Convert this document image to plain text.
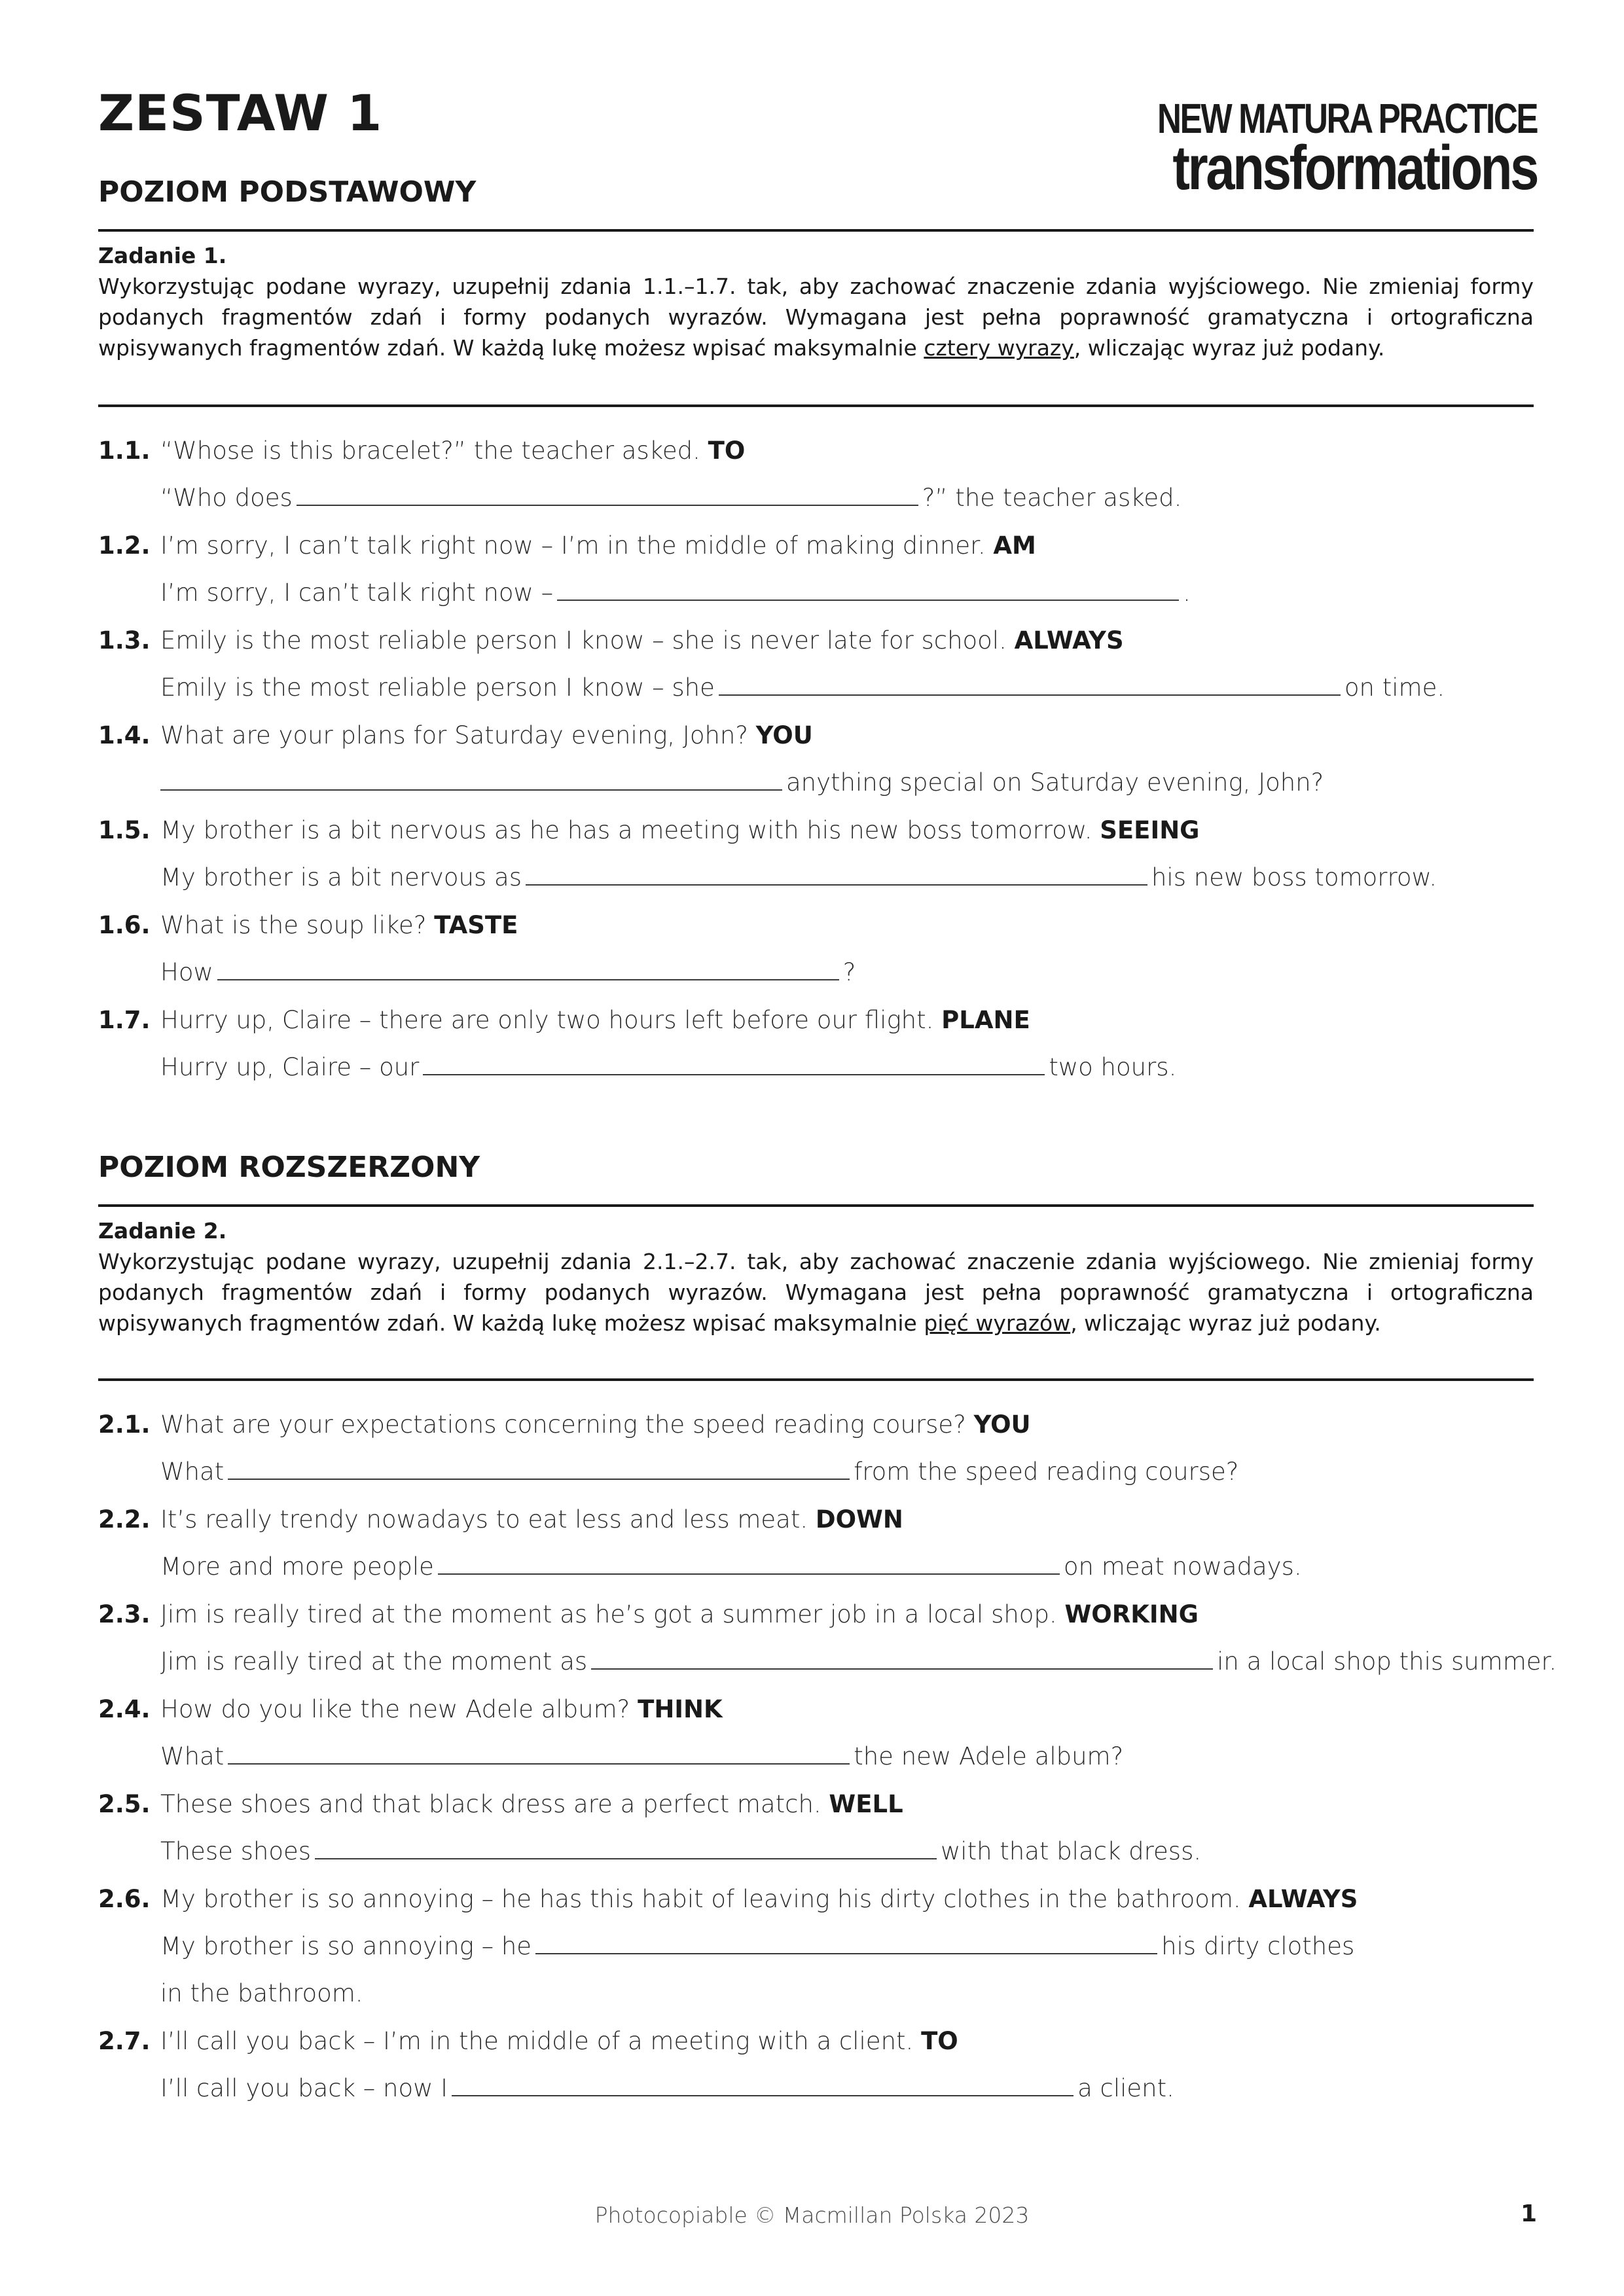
ZESTAW 1	NEW MATURA PRACTICE
transformations
POZIOM PODSTAWOWY
Zadanie 1.
Wykorzystując podane wyrazy, uzupełnij zdania 1.1.–1.7. tak, aby zachować znaczenie zdania wyjściowego. Nie zmieniaj formy podanych fragmentów zdań i formy podanych wyrazów. Wymagana jest pełna poprawność gramatyczna i ortograficzna wpisywanych fragmentów zdań. W każdą lukę możesz wpisać maksymalnie cztery wyrazy, wliczając wyraz już podany.
1.1. “Whose is this bracelet?” the teacher asked. TO
“Who does	?” the teacher asked.
1.2. I’m sorry, I can’t talk right now – I’m in the middle of making dinner. AM
I’m sorry, I can’t talk right now –	.
1.3. Emily is the most reliable person I know – she is never late for school. ALWAYS
Emily is the most reliable person I know – she	on time.
1.4. What are your plans for Saturday evening, John? YOU
anything special on Saturday evening, John?
1.5. My brother is a bit nervous as he has a meeting with his new boss tomorrow. SEEING
My brother is a bit nervous as	his new boss tomorrow.
1.6. What is the soup like? TASTE
How	?
1.7. Hurry up, Claire – there are only two hours left before our flight. PLANE
Hurry up, Claire – our	two hours.
POZIOM ROZSZERZONY
Zadanie 2.
Wykorzystując podane wyrazy, uzupełnij zdania 2.1.–2.7. tak, aby zachować znaczenie zdania wyjściowego. Nie zmieniaj formy podanych fragmentów zdań i formy podanych wyrazów. Wymagana jest pełna poprawność gramatyczna i ortograficzna wpisywanych fragmentów zdań. W każdą lukę możesz wpisać maksymalnie pięć wyrazów, wliczając wyraz już podany.
2.1. What are your expectations concerning the speed reading course? YOU
What	from the speed reading course?
2.2. It’s really trendy nowadays to eat less and less meat. DOWN
More and more people	on meat nowadays.
2.3. Jim is really tired at the moment as he’s got a summer job in a local shop. WORKING
Jim is really tired at the moment as	in a local shop this summer.
2.4. How do you like the new Adele album? THINK
What	the new Adele album?
2.5. These shoes and that black dress are a perfect match. WELL
These shoes	with that black dress.
2.6. My brother is so annoying – he has this habit of leaving his dirty clothes in the bathroom. ALWAYS
My brother is so annoying – he	his dirty clothes
in the bathroom.
2.7. I’ll call you back – I’m in the middle of a meeting with a client. TO
I’ll call you back – now I	a client.
Photocopiable © Macmillan Polska 2023	1
